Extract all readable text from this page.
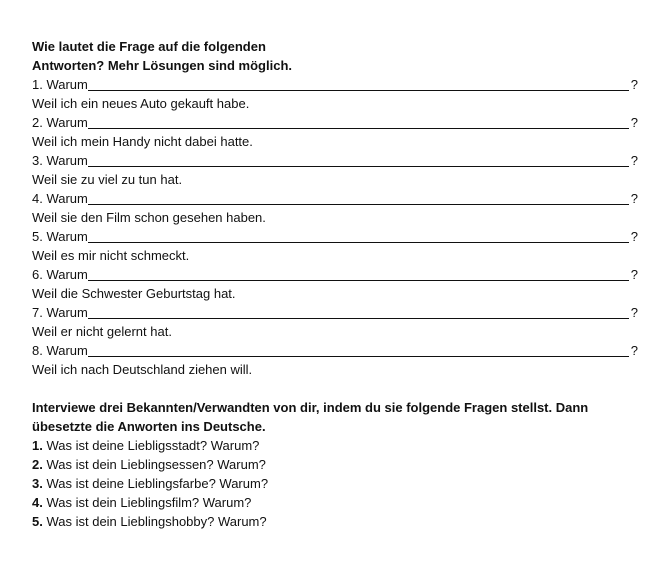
Wie lautet die Frage auf die folgenden
Antworten? Mehr Lösungen sind möglich.
1. Warum	?
Weil ich ein neues Auto gekauft habe.
2. Warum	?
Weil ich mein Handy nicht dabei hatte.
3. Warum	?
Weil sie zu viel zu tun hat.
4. Warum	?
Weil sie den Film schon gesehen haben.
5. Warum	?
Weil es mir nicht schmeckt.
6. Warum	?
Weil die Schwester Geburtstag hat.
7. Warum	?
Weil er nicht gelernt hat.
8. Warum	?
Weil ich nach Deutschland ziehen will.
Interviewe drei Bekannten/Verwandten von dir, indem du sie folgende Fragen stellst. Dann
übesetzte die Anworten ins Deutsche.
1. Was ist deine Liebligsstadt? Warum?
2. Was ist dein Lieblingsessen? Warum?
3. Was ist deine Lieblingsfarbe? Warum?
4. Was ist dein Lieblingsfilm? Warum?
5. Was ist dein Lieblingshobby? Warum?
